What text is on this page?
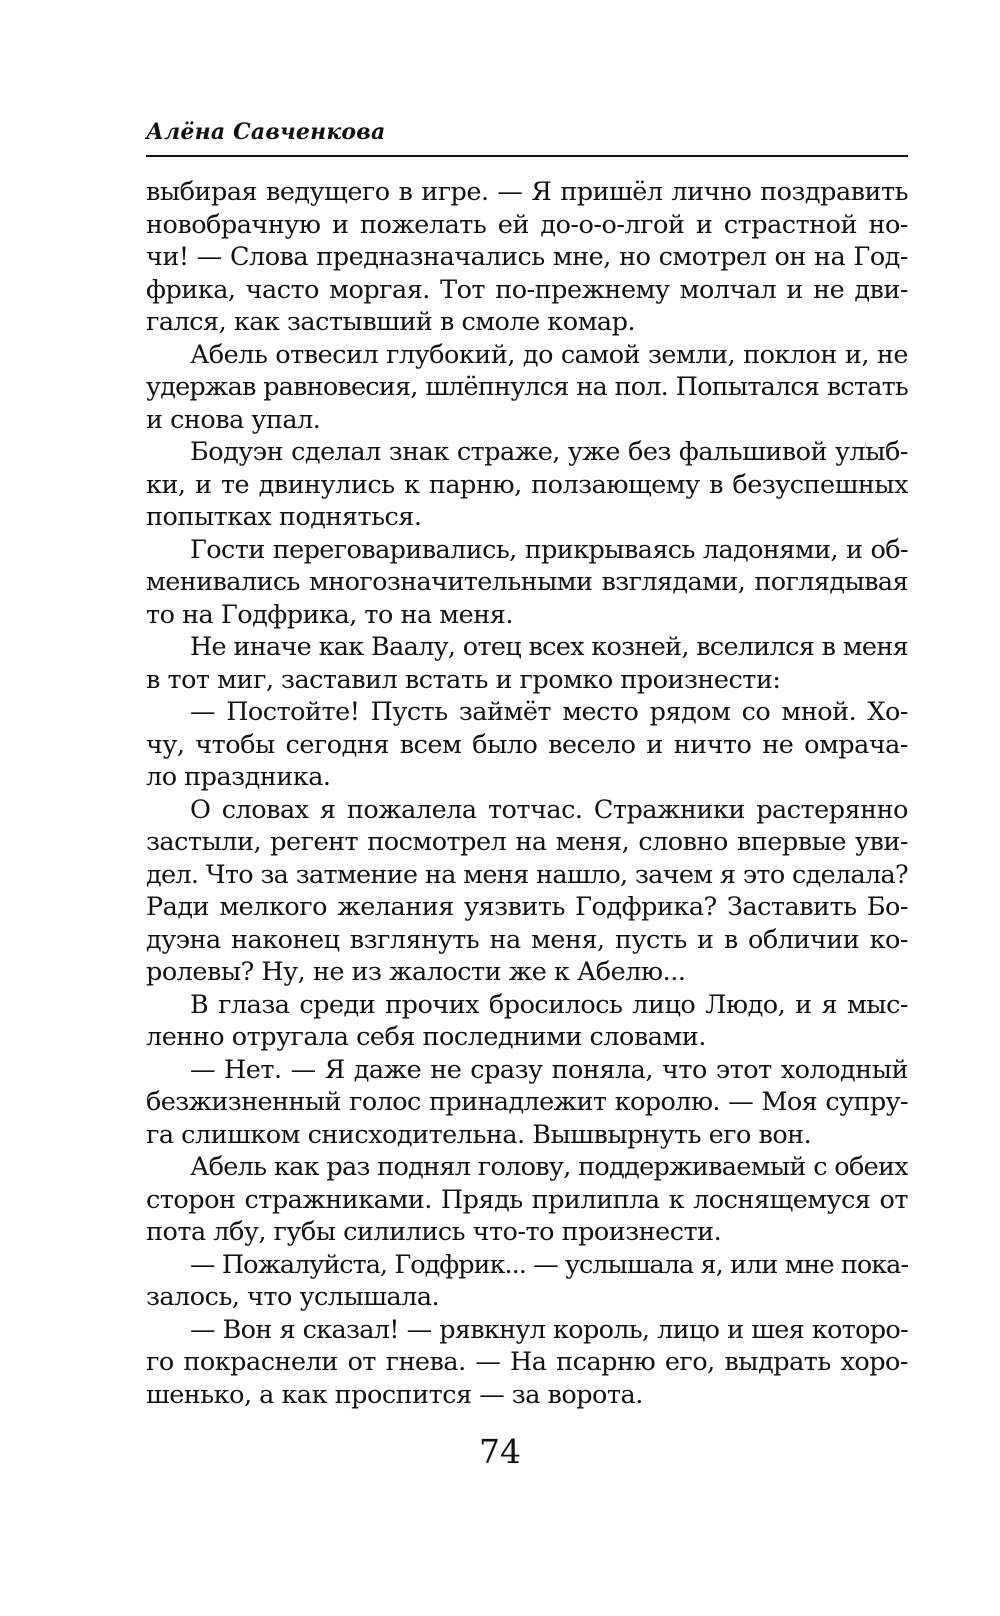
Алёна Савченкова
выбирая ведущего в игре. — Я пришёл лично поздравить
новобрачную и пожелать ей до-о-о-лгой и страстной но-
чи! — Слова предназначались мне, но смотрел он на Год-
фрика, часто моргая. Тот по-прежнему молчал и не дви-
гался, как застывший в смоле комар.
Абель отвесил глубокий, до самой земли, поклон и, не
удержав равновесия, шлёпнулся на пол. Попытался встать
и снова упал.
Бодуэн сделал знак страже, уже без фальшивой улыб-
ки, и те двинулись к парню, ползающему в безуспешных
попытках подняться.
Гости переговаривались, прикрываясь ладонями, и об-
менивались многозначительными взглядами, поглядывая
то на Годфрика, то на меня.
Не иначе как Ваалу, отец всех козней, вселился в меня
в тот миг, заставил встать и громко произнести:
— Постойте! Пусть займёт место рядом со мной. Хо-
чу, чтобы сегодня всем было весело и ничто не омрача-
ло праздника.
О словах я пожалела тотчас. Стражники растерянно
застыли, регент посмотрел на меня, словно впервые уви-
дел. Что за затмение на меня нашло, зачем я это сделала?
Ради мелкого желания уязвить Годфрика? Заставить Бо-
дуэна наконец взглянуть на меня, пусть и в обличии ко-
ролевы? Ну, не из жалости же к Абелю...
В глаза среди прочих бросилось лицо Людо, и я мыс-
ленно отругала себя последними словами.
— Нет. — Я даже не сразу поняла, что этот холодный
безжизненный голос принадлежит королю. — Моя супру-
га слишком снисходительна. Вышвырнуть его вон.
Абель как раз поднял голову, поддерживаемый с обеих
сторон стражниками. Прядь прилипла к лоснящемуся от
пота лбу, губы силились что-то произнести.
— Пожалуйста, Годфрик... — услышала я, или мне пока-
залось, что услышала.
— Вон я сказал! — рявкнул король, лицо и шея которо-
го покраснели от гнева. — На псарню его, выдрать хоро-
шенько, а как проспится — за ворота.
74
